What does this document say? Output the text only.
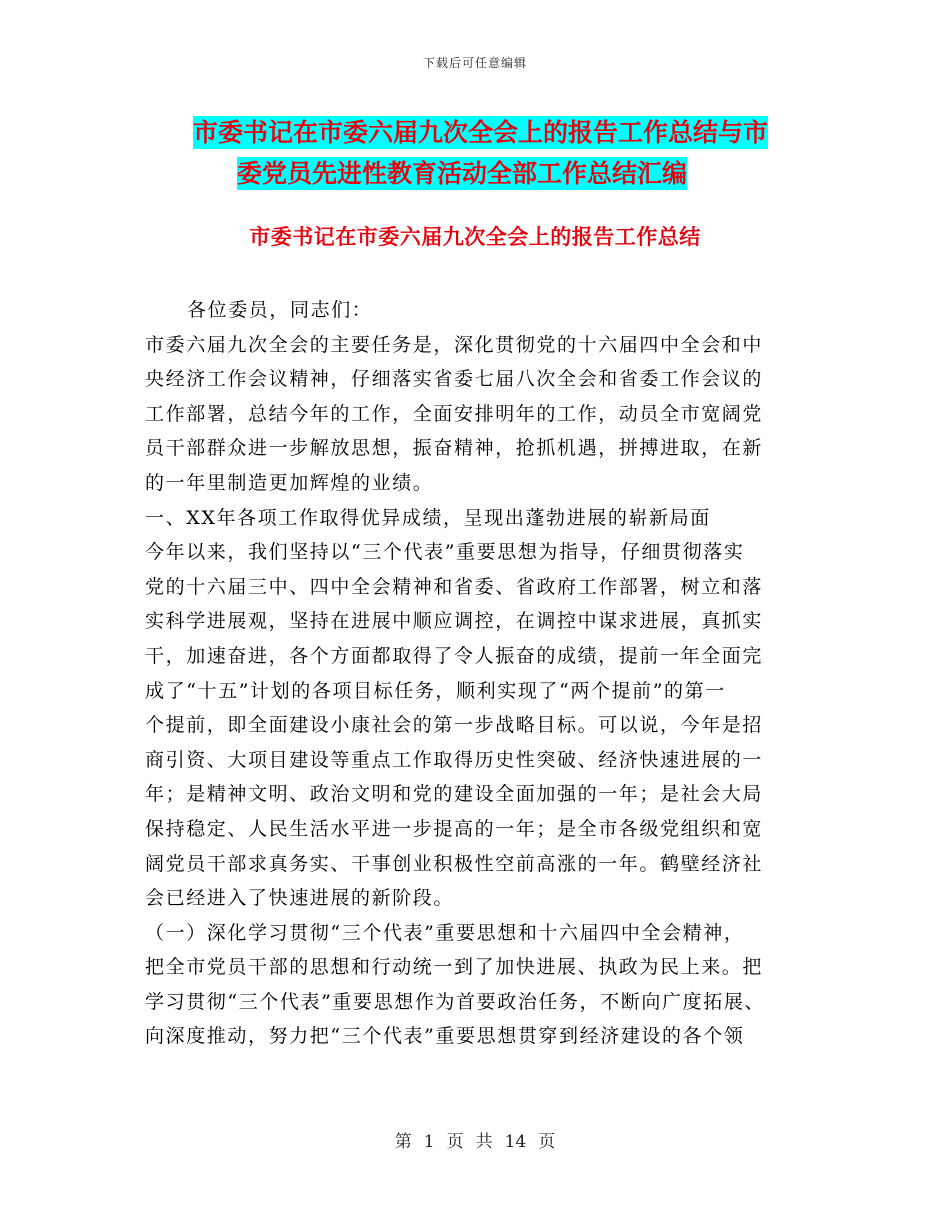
下载后可任意编辑
市委书记在市委六届九次全会上的报告工作总结与市
委党员先进性教育活动全部工作总结汇编
市委书记在市委六届九次全会上的报告工作总结

各位委员，同志们：

市委六届九次全会的主要任务是，深化贯彻党的十六届四中全会和中

央经济工作会议精神，仔细落实省委七届八次全会和省委工作会议的

工作部署，总结今年的工作，全面安排明年的工作，动员全市宽阔党

员干部群众进一步解放思想，振奋精神，抢抓机遇，拼搏进取，在新

的一年里制造更加辉煌的业绩。

一、XX年各项工作取得优异成绩，呈现出蓬勃进展的崭新局面

今年以来，我们坚持以“三个代表”重要思想为指导，仔细贯彻落实

党的十六届三中、四中全会精神和省委、省政府工作部署，树立和落

实科学进展观，坚持在进展中顺应调控，在调控中谋求进展，真抓实

干，加速奋进，各个方面都取得了令人振奋的成绩，提前一年全面完

成了“十五”计划的各项目标任务，顺利实现了“两个提前”的第一

个提前，即全面建设小康社会的第一步战略目标。可以说，今年是招

商引资、大项目建设等重点工作取得历史性突破、经济快速进展的一

年；是精神文明、政治文明和党的建设全面加强的一年；是社会大局

保持稳定、人民生活水平进一步提高的一年；是全市各级党组织和宽

阔党员干部求真务实、干事创业积极性空前高涨的一年。鹤壁经济社

会已经进入了快速进展的新阶段。

（一）深化学习贯彻“三个代表”重要思想和十六届四中全会精神，

把全市党员干部的思想和行动统一到了加快进展、执政为民上来。把

学习贯彻“三个代表”重要思想作为首要政治任务，不断向广度拓展、

向深度推动，努力把“三个代表”重要思想贯穿到经济建设的各个领

第 1 页 共 14 页
